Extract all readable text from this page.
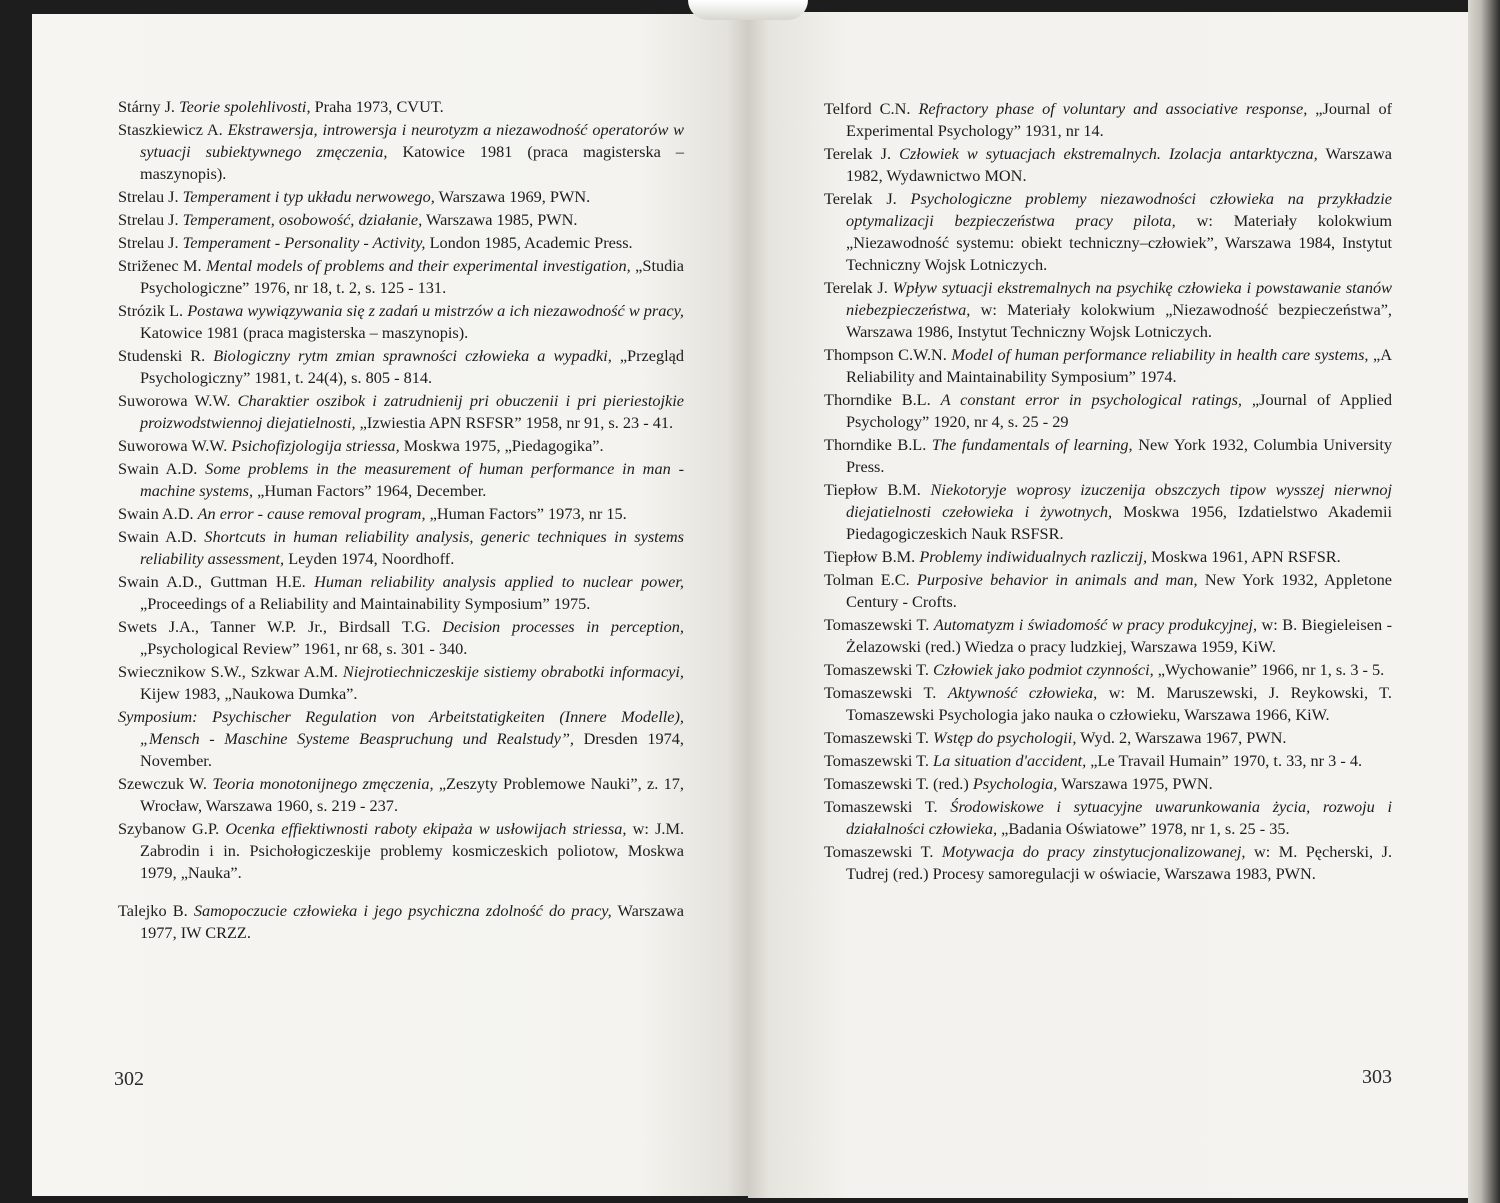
Stárny J. Teorie spolehlivosti, Praha 1973, CVUT.
Staszkiewicz A. Ekstrawersja, introwersja i neurotyzm a niezawodność operatorów w sytuacji subiektywnego zmęczenia, Katowice 1981 (praca magisterska – maszynopis).
Strelau J. Temperament i typ układu nerwowego, Warszawa 1969, PWN.
Strelau J. Temperament, osobowość, działanie, Warszawa 1985, PWN.
Strelau J. Temperament - Personality - Activity, London 1985, Academic Press.
Striženec M. Mental models of problems and their experimental investigation, „Studia Psychologiczne” 1976, nr 18, t. 2, s. 125 - 131.
Strózik L. Postawa wywiązywania się z zadań u mistrzów a ich niezawodność w pracy, Katowice 1981 (praca magisterska – maszynopis).
Studenski R. Biologiczny rytm zmian sprawności człowieka a wypadki, „Przegląd Psychologiczny” 1981, t. 24(4), s. 805 - 814.
Suworowa W.W. Charaktier oszibok i zatrudnienij pri obuczenii i pri pieriestojkie proizwodstwiennoj diejatielnosti, „Izwiestia APN RSFSR” 1958, nr 91, s. 23 - 41.
Suworowa W.W. Psichofizjologija striessa, Moskwa 1975, „Piedagogika”.
Swain A.D. Some problems in the measurement of human performance in man - machine systems, „Human Factors” 1964, December.
Swain A.D. An error - cause removal program, „Human Factors” 1973, nr 15.
Swain A.D. Shortcuts in human reliability analysis, generic techniques in systems reliability assessment, Leyden 1974, Noordhoff.
Swain A.D., Guttman H.E. Human reliability analysis applied to nuclear power, „Proceedings of a Reliability and Maintainability Symposium” 1975.
Swets J.A., Tanner W.P. Jr., Birdsall T.G. Decision processes in perception, „Psychological Review” 1961, nr 68, s. 301 - 340.
Swiecznikow S.W., Szkwar A.M. Niejrotiechniczeskije sistiemy obrabotki informacyi, Kijew 1983, „Naukowa Dumka”.
Symposium: Psychischer Regulation von Arbeitstatigkeiten (Innere Modelle), „Mensch - Maschine Systeme Beaspruchung und Realstudy”, Dresden 1974, November.
Szewczuk W. Teoria monotonijnego zmęczenia, „Zeszyty Problemowe Nauki”, z. 17, Wrocław, Warszawa 1960, s. 219 - 237.
Szybanow G.P. Ocenka effiektiwnosti raboty ekipaża w usłowijach striessa, w: J.M. Zabrodin i in. Psichołogiczeskije problemy kosmiczeskich poliotow, Moskwa 1979, „Nauka”.
Talejko B. Samopoczucie człowieka i jego psychiczna zdolność do pracy, Warszawa 1977, IW CRZZ.
302
Telford C.N. Refractory phase of voluntary and associative response, „Journal of Experimental Psychology” 1931, nr 14.
Terelak J. Człowiek w sytuacjach ekstremalnych. Izolacja antarktyczna, Warszawa 1982, Wydawnictwo MON.
Terelak J. Psychologiczne problemy niezawodności człowieka na przykładzie optymalizacji bezpieczeństwa pracy pilota, w: Materiały kolokwium „Niezawodność systemu: obiekt techniczny–człowiek”, Warszawa 1984, Instytut Techniczny Wojsk Lotniczych.
Terelak J. Wpływ sytuacji ekstremalnych na psychikę człowieka i powstawanie stanów niebezpieczeństwa, w: Materiały kolokwium „Niezawodność bezpieczeństwa”, Warszawa 1986, Instytut Techniczny Wojsk Lotniczych.
Thompson C.W.N. Model of human performance reliability in health care systems, „A Reliability and Maintainability Symposium” 1974.
Thorndike B.L. A constant error in psychological ratings, „Journal of Applied Psychology” 1920, nr 4, s. 25 - 29
Thorndike B.L. The fundamentals of learning, New York 1932, Columbia University Press.
Tiepłow B.M. Niekotoryje woprosy izuczenija obszczych tipow wysszej nierwnoj diejatielnosti czełowieka i żywotnych, Moskwa 1956, Izdatielstwo Akademii Piedagogiczeskich Nauk RSFSR.
Tiepłow B.M. Problemy indiwidualnych razliczij, Moskwa 1961, APN RSFSR.
Tolman E.C. Purposive behavior in animals and man, New York 1932, Appletone Century - Crofts.
Tomaszewski T. Automatyzm i świadomość w pracy produkcyjnej, w: B. Biegieleisen - Żelazowski (red.) Wiedza o pracy ludzkiej, Warszawa 1959, KiW.
Tomaszewski T. Człowiek jako podmiot czynności, „Wychowanie” 1966, nr 1, s. 3 - 5.
Tomaszewski T. Aktywność człowieka, w: M. Maruszewski, J. Reykowski, T. Tomaszewski Psychologia jako nauka o człowieku, Warszawa 1966, KiW.
Tomaszewski T. Wstęp do psychologii, Wyd. 2, Warszawa 1967, PWN.
Tomaszewski T. La situation d'accident, „Le Travail Humain” 1970, t. 33, nr 3 - 4.
Tomaszewski T. (red.) Psychologia, Warszawa 1975, PWN.
Tomaszewski T. Środowiskowe i sytuacyjne uwarunkowania życia, rozwoju i działalności człowieka, „Badania Oświatowe” 1978, nr 1, s. 25 - 35.
Tomaszewski T. Motywacja do pracy zinstytucjonalizowanej, w: M. Pęcherski, J. Tudrej (red.) Procesy samoregulacji w oświacie, Warszawa 1983, PWN.
303
